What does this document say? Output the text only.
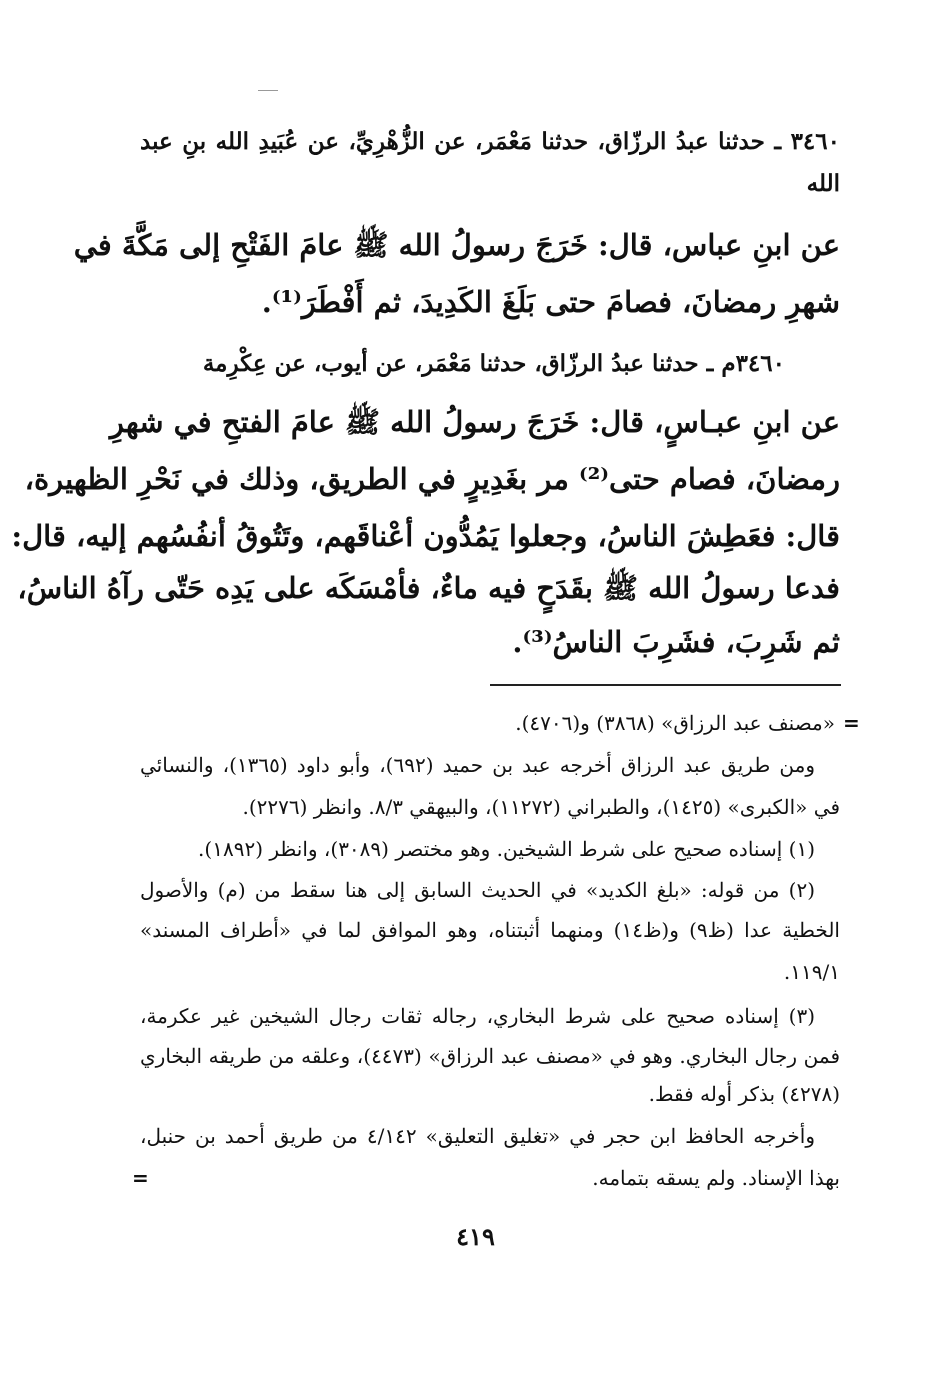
٣٤٦٠ ـ حدثنا عبدُ الرزّاق، حدثنا مَعْمَر، عن الزُّهْرِيِّ، عن عُبَيدِ الله بنِ عبد
الله
عن ابنِ عباس، قال: خَرَجَ رسولُ الله ﷺ عامَ الفَتْحِ إلى مَكَّةَ في
شهرِ رمضانَ، فصامَ حتى بَلَغَ الكَدِيدَ، ثم أَفْطَرَ⁽¹⁾.
٣٤٦٠م ـ حدثنا عبدُ الرزّاق، حدثنا مَعْمَر، عن أيوب، عن عِكْرِمة
عن ابنِ عبـاسٍ، قال: خَرَجَ رسولُ الله ﷺ عامَ الفتحِ في شهرِ
رمضانَ، فصام حتى⁽²⁾ مر بغَدِيرٍ في الطريق، وذلك في نَحْرِ الظهيرة،
قال: فعَطِشَ الناسُ، وجعلوا يَمُدُّون أعْناقَهم، وتَتُوقُ أنفُسُهم إليه، قال:
فدعا رسولُ الله ﷺ بقَدَحٍ فيه ماءٌ، فأمْسَكَه على يَدِه حَتّى رآهُ الناسُ،
ثم شَرِبَ، فشَرِبَ الناسُ⁽³⁾.
=
«مصنف عبد الرزاق» (٣٨٦٨) و(٤٧٠٦).
ومن طريق عبد الرزاق أخرجه عبد بن حميد (٦٩٢)، وأبو داود (١٣٦٥)، والنسائي
في «الكبرى» (١٤٢٥)، والطبراني (١١٢٧٢)، والبيهقي ٨/٣. وانظر (٢٢٧٦).
(١) إسناده صحيح على شرط الشيخين. وهو مختصر (٣٠٨٩)، وانظر (١٨٩٢).
(٢) من قوله: «بلغ الكديد» في الحديث السابق إلى هنا سقط من (م) والأصول
الخطية عدا (ظ٩) و(ظ١٤) ومنهما أثبتناه، وهو الموافق لما في «أطراف المسند»
١١٩/١.
(٣) إسناده صحيح على شرط البخاري، رجاله ثقات رجال الشيخين غير عكرمة،
فمن رجال البخاري. وهو في «مصنف عبد الرزاق» (٤٤٧٣)، وعلقه من طريقه البخاري
(٤٢٧٨) بذكر أوله فقط.
وأخرجه الحافظ ابن حجر في «تغليق التعليق» ٤/١٤٢ من طريق أحمد بن حنبل،
بهذا الإسناد. ولم يسقه بتمامه.
=
٤١٩
